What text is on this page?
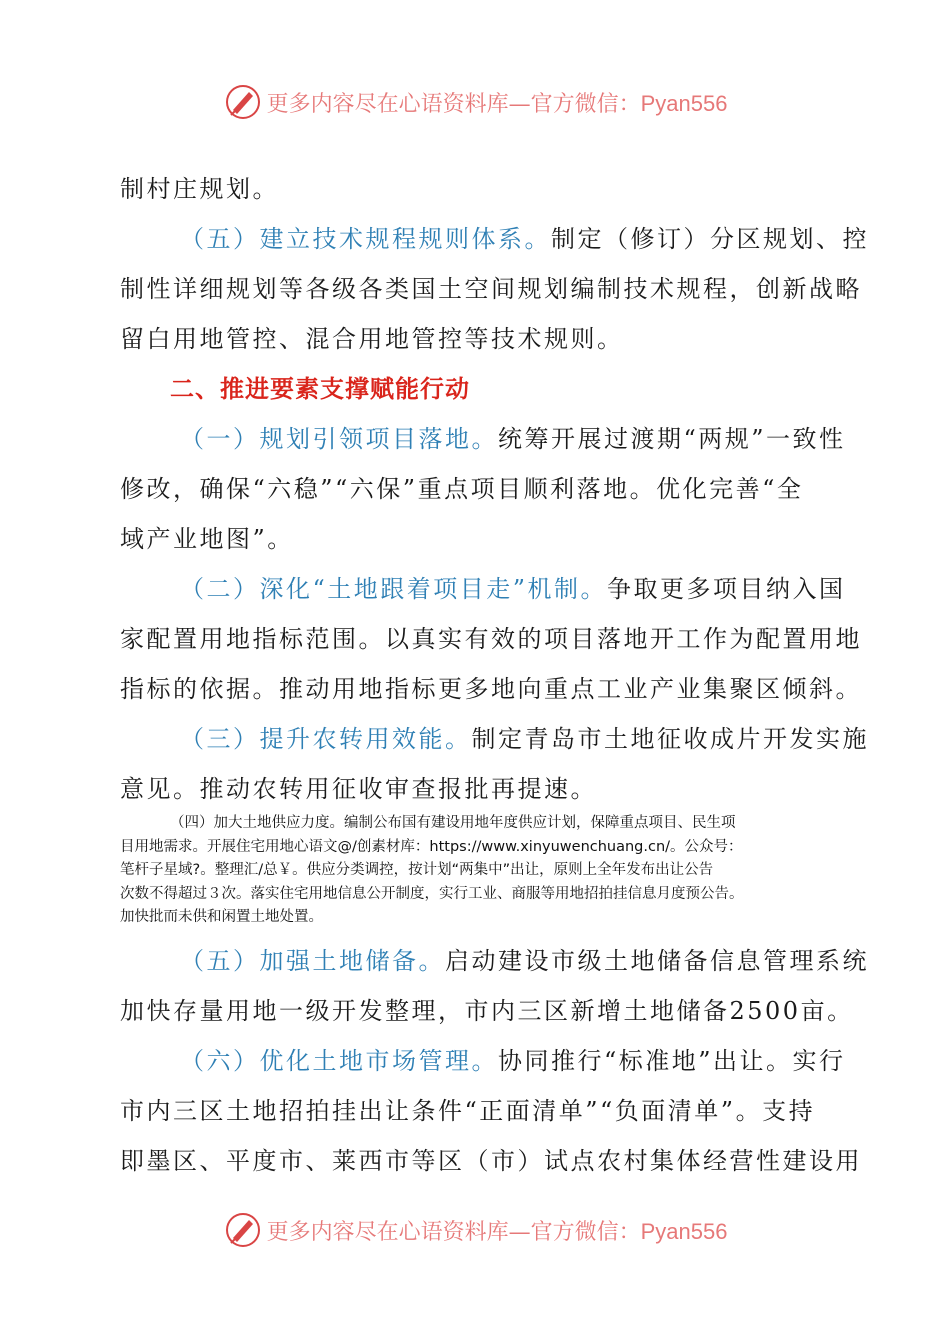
更多内容尽在心语资料库—官方微信：Pyan556
制村庄规划。
（五）建立技术规程规则体系。制定（修订）分区规划、控
制性详细规划等各级各类国土空间规划编制技术规程，创新战略
留白用地管控、混合用地管控等技术规则。
二、推进要素支撑赋能行动
（一）规划引领项目落地。统筹开展过渡期“两规”一致性
修改，确保“六稳”“六保”重点项目顺利落地。优化完善“全
域产业地图”。
（二）深化“土地跟着项目走”机制。争取更多项目纳入国
家配置用地指标范围。以真实有效的项目落地开工作为配置用地
指标的依据。推动用地指标更多地向重点工业产业集聚区倾斜。
（三）提升农转用效能。制定青岛市土地征收成片开发实施
意见。推动农转用征收审查报批再提速。

（四）加大土地供应力度。编制公布国有建设用地年度供应计划，保障重点项目、民生项

目用地需求。开展住宅用地心语文@/创素材库：https://www.xinyuwenchuang.cn/。公众号：

笔杆子星域?。整理汇/总￥。供应分类调控，按计划“两集中”出让，原则上全年发布出让公告

次数不得超过３次。落实住宅用地信息公开制度，实行工业、商服等用地招拍挂信息月度预公告。

加快批而未供和闲置土地处置。

（五）加强土地储备。启动建设市级土地储备信息管理系统
加快存量用地一级开发整理，市内三区新增土地储备2500亩。
（六）优化土地市场管理。协同推行“标准地”出让。实行
市内三区土地招拍挂出让条件“正面清单”“负面清单”。支持
即墨区、平度市、莱西市等区（市）试点农村集体经营性建设用
更多内容尽在心语资料库—官方微信：Pyan556
